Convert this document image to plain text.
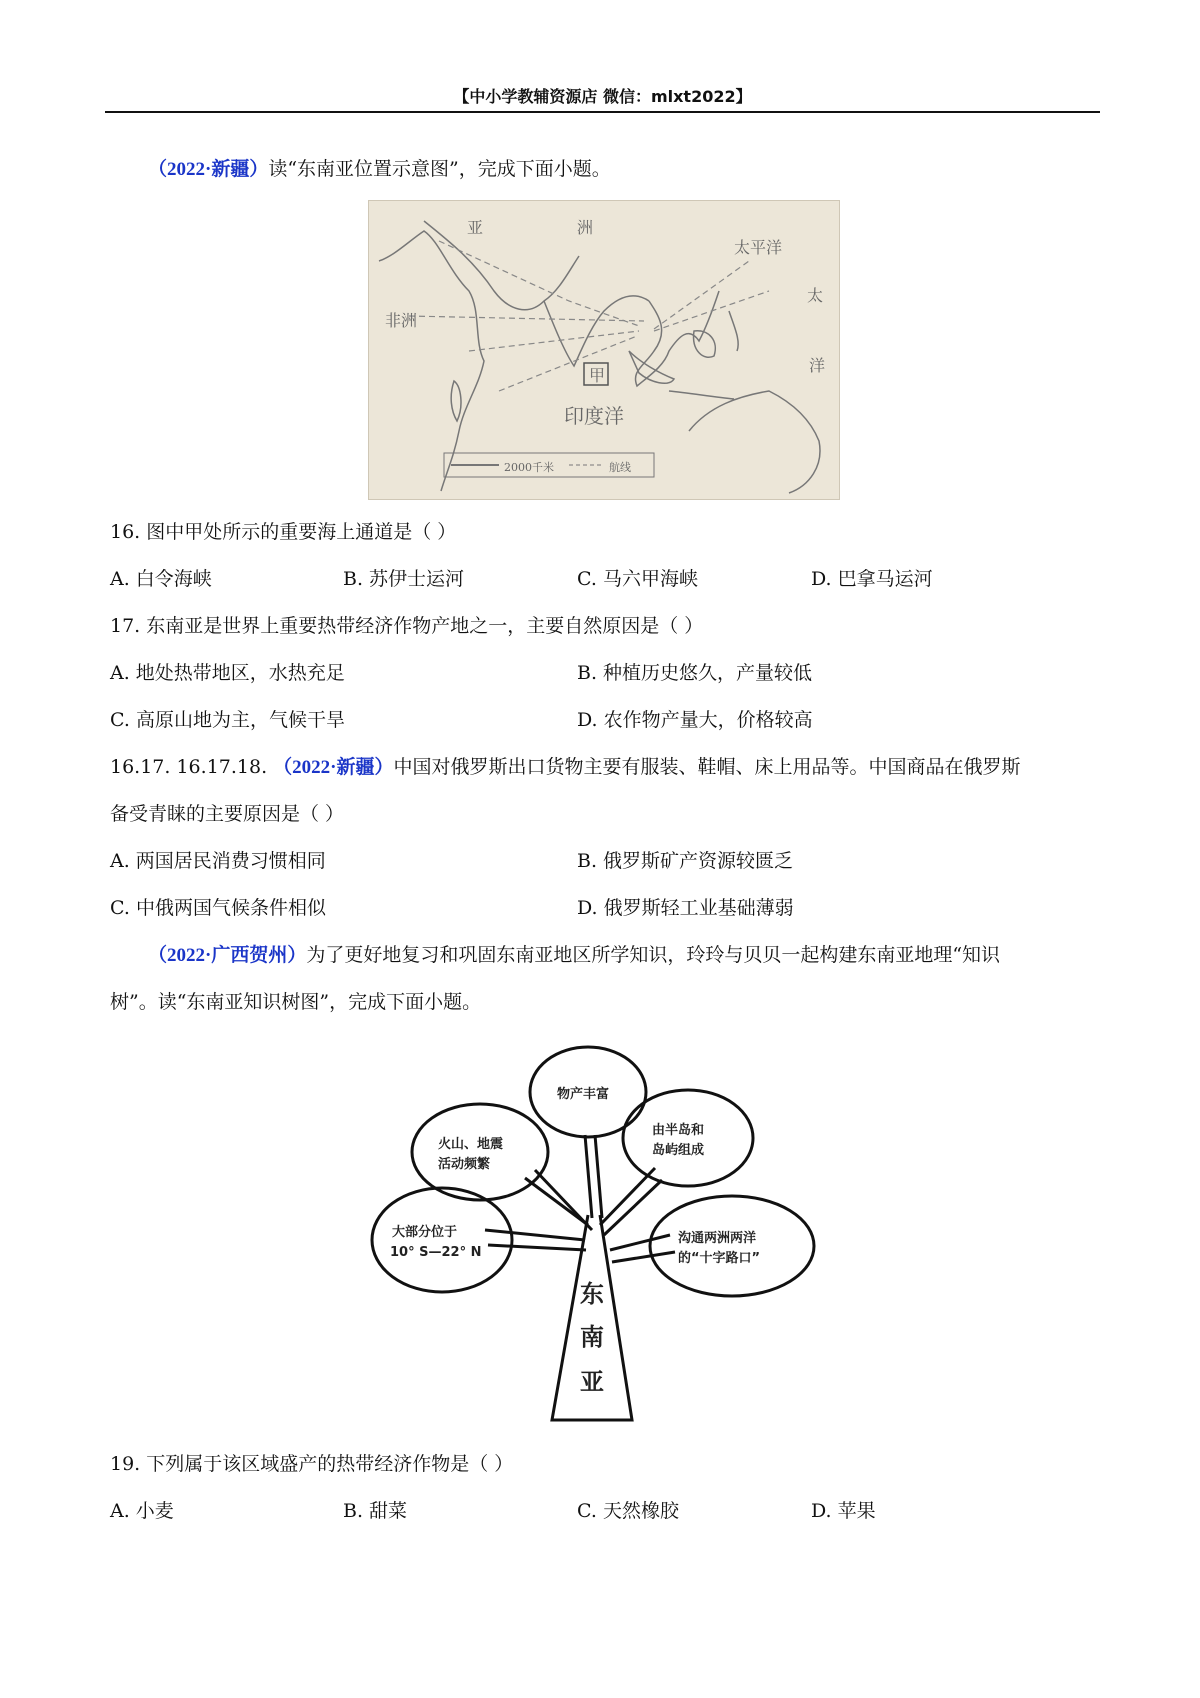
【中小学教辅资源店 微信：mlxt2022】
（2022·新疆）读“东南亚位置示意图”，完成下面小题。
甲
亚	洲
非洲
太平洋
太
洋
印度洋
2000千米	航线
16. 图中甲处所示的重要海上通道是（ ）
A. 白令海峡	B. 苏伊士运河	C. 马六甲海峡	D. 巴拿马运河
17. 东南亚是世界上重要热带经济作物产地之一，主要自然原因是（ ）
A. 地处热带地区，水热充足	B. 种植历史悠久，产量较低
C. 高原山地为主，气候干旱	D. 农作物产量大，价格较高
16.17. 16.17.18. （2022·新疆）中国对俄罗斯出口货物主要有服装、鞋帽、床上用品等。中国商品在俄罗斯
备受青睐的主要原因是（ ）
A. 两国居民消费习惯相同	B. 俄罗斯矿产资源较匮乏
C. 中俄两国气候条件相似	D. 俄罗斯轻工业基础薄弱
（2022·广西贺州）为了更好地复习和巩固东南亚地区所学知识，玲玲与贝贝一起构建东南亚地理“知识
树”。读“东南亚知识树图”，完成下面小题。
物产丰富
火山、地震
活动频繁
由半岛和
岛屿组成
大部分位于
10° S—22° N
沟通两洲两洋
的“十字路口”
东
南
亚
19. 下列属于该区域盛产的热带经济作物是（ ）
A. 小麦	B. 甜菜	C. 天然橡胶	D. 苹果
